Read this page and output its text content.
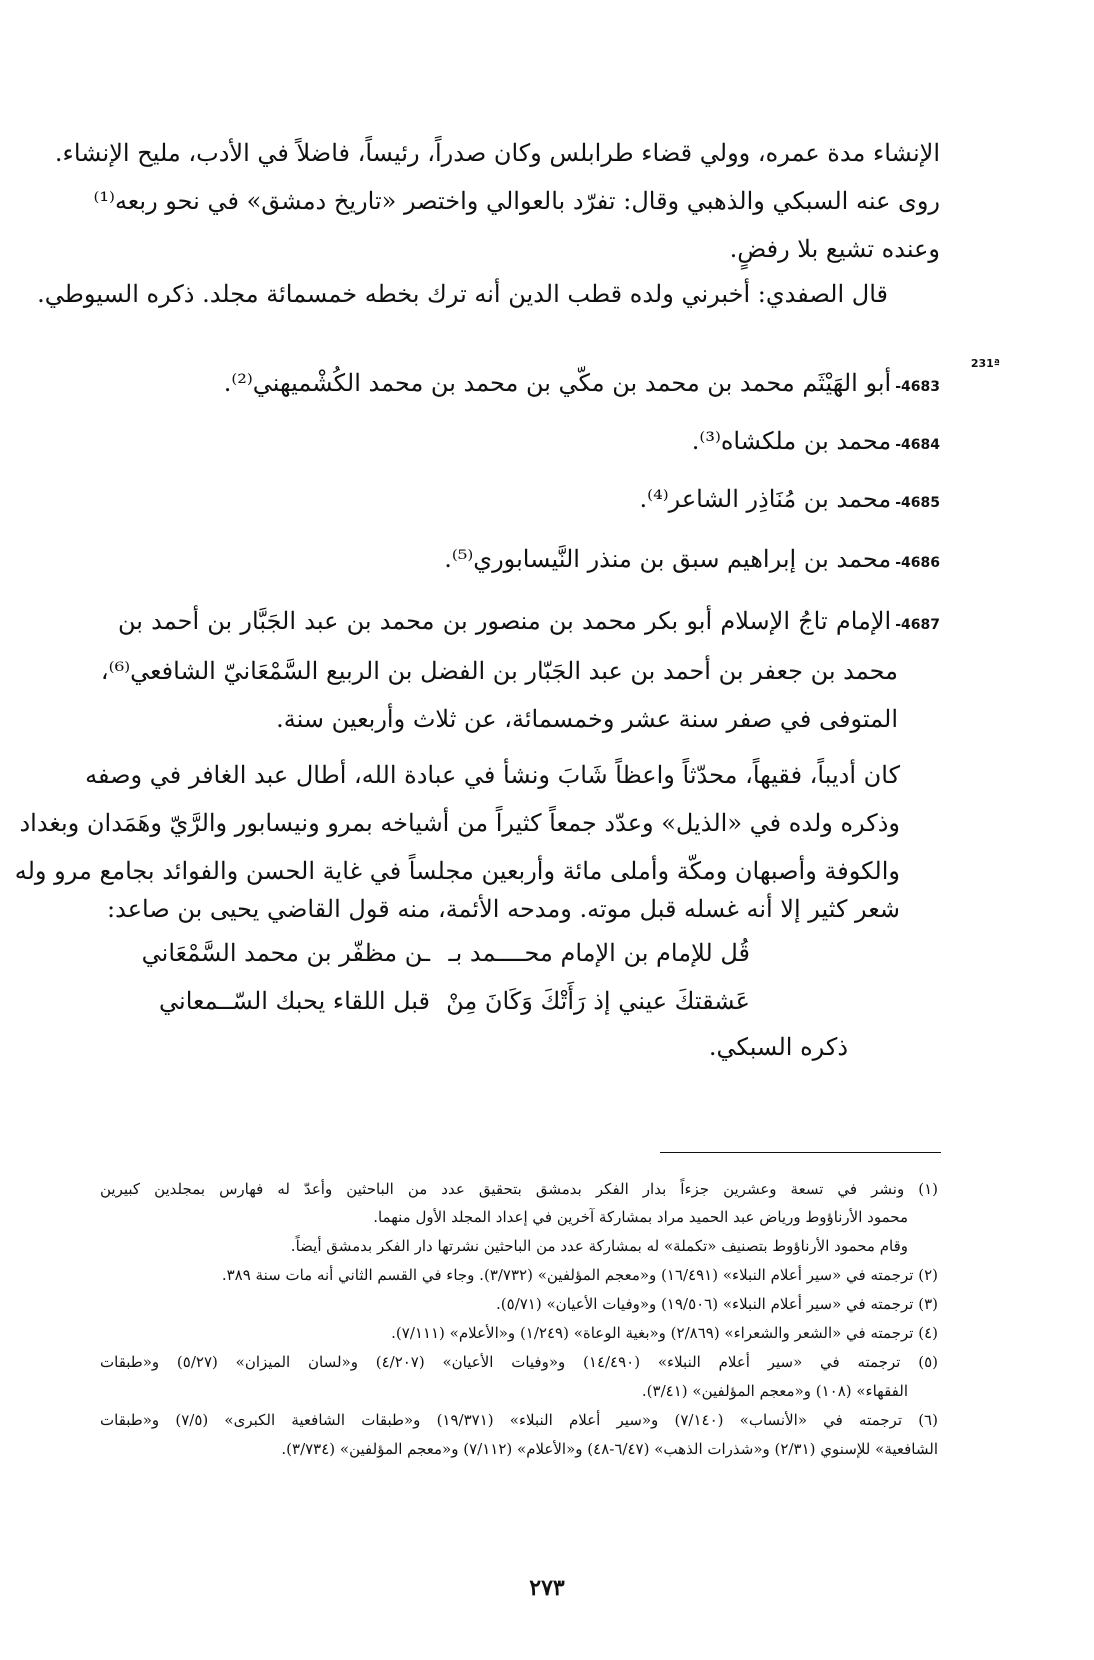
الإنشاء مدة عمره، وولي قضاء طرابلس وكان صدراً، رئيساً، فاضلاً في الأدب، مليح الإنشاء.
روى عنه السبكي والذهبي وقال: تفرّد بالعوالي واختصر «تاريخ دمشق» في نحو ربعه⁽¹⁾
وعنده تشيع بلا رفضٍ.
قال الصفدي: أخبرني ولده قطب الدين أنه ترك بخطه خمسمائة مجلد. ذكره السيوطي.
231ª
4683-أبو الهَيْثَم محمد بن محمد بن مكّي بن محمد بن محمد الكُشْميهني⁽²⁾.
4684-محمد بن ملكشاه⁽³⁾.
4685-محمد بن مُنَاذِر الشاعر⁽⁴⁾.
4686-محمد بن إبراهيم سبق بن منذر النَّيسابوري⁽⁵⁾.
4687-الإمام تاجُ الإسلام أبو بكر محمد بن منصور بن محمد بن عبد الجَبَّار بن أحمد بن
محمد بن جعفر بن أحمد بن عبد الجَبّار بن الفضل بن الربيع السَّمْعَانيّ الشافعي⁽⁶⁾،
المتوفى في صفر سنة عشر وخمسمائة، عن ثلاث وأربعين سنة.
كان أديباً، فقيهاً، محدّثاً واعظاً شَابَ ونشأ في عبادة الله، أطال عبد الغافر في وصفه
وذكره ولده في «الذيل» وعدّد جمعاً كثيراً من أشياخه بمرو ونيسابور والرَّيّ وهَمَدان وبغداد
والكوفة وأصبهان ومكّة وأملى مائة وأربعين مجلساً في غاية الحسن والفوائد بجامع مرو وله
شعر كثير إلا أنه غسله قبل موته. ومدحه الأئمة، منه قول القاضي يحيى بن صاعد:
قُل للإمام بن الإمام محــــمد بـ
ـن مظفّر بن محمد السَّمْعَاني
عَشقتكَ عيني إذ رَأَتْكَ وَكَانَ مِنْ
قبل اللقاء يحبك السّــمعاني
ذكره السبكي.
(١) ونشر في تسعة وعشرين جزءاً بدار الفكر بدمشق بتحقيق عدد من الباحثين وأعدّ له فهارس بمجلدين كبيرين
محمود الأرناؤوط ورياض عبد الحميد مراد بمشاركة آخرين في إعداد المجلد الأول منهما.
وقام محمود الأرناؤوط بتصنيف «تكملة» له بمشاركة عدد من الباحثين نشرتها دار الفكر بدمشق أيضاً.
(٢) ترجمته في «سير أعلام النبلاء» (١٦/٤٩١) و«معجم المؤلفين» (٣/٧٣٢). وجاء في القسم الثاني أنه مات سنة ٣٨٩.
(٣) ترجمته في «سير أعلام النبلاء» (١٩/٥٠٦) و«وفيات الأعيان» (٥/٧١).
(٤) ترجمته في «الشعر والشعراء» (٢/٨٦٩) و«بغية الوعاة» (١/٢٤٩) و«الأعلام» (٧/١١١).
(٥) ترجمته في «سير أعلام النبلاء» (١٤/٤٩٠) و«وفيات الأعيان» (٤/٢٠٧) و«لسان الميزان» (٥/٢٧) و«طبقات
الفقهاء» (١٠٨) و«معجم المؤلفين» (٣/٤١).
(٦) ترجمته في «الأنساب» (٧/١٤٠) و«سير أعلام النبلاء» (١٩/٣٧١) و«طبقات الشافعية الكبرى» (٧/٥) و«طبقات
الشافعية» للإسنوي (٢/٣١) و«شذرات الذهب» (٦/٤٧-٤٨) و«الأعلام» (٧/١١٢) و«معجم المؤلفين» (٣/٧٣٤).
٢٧٣
